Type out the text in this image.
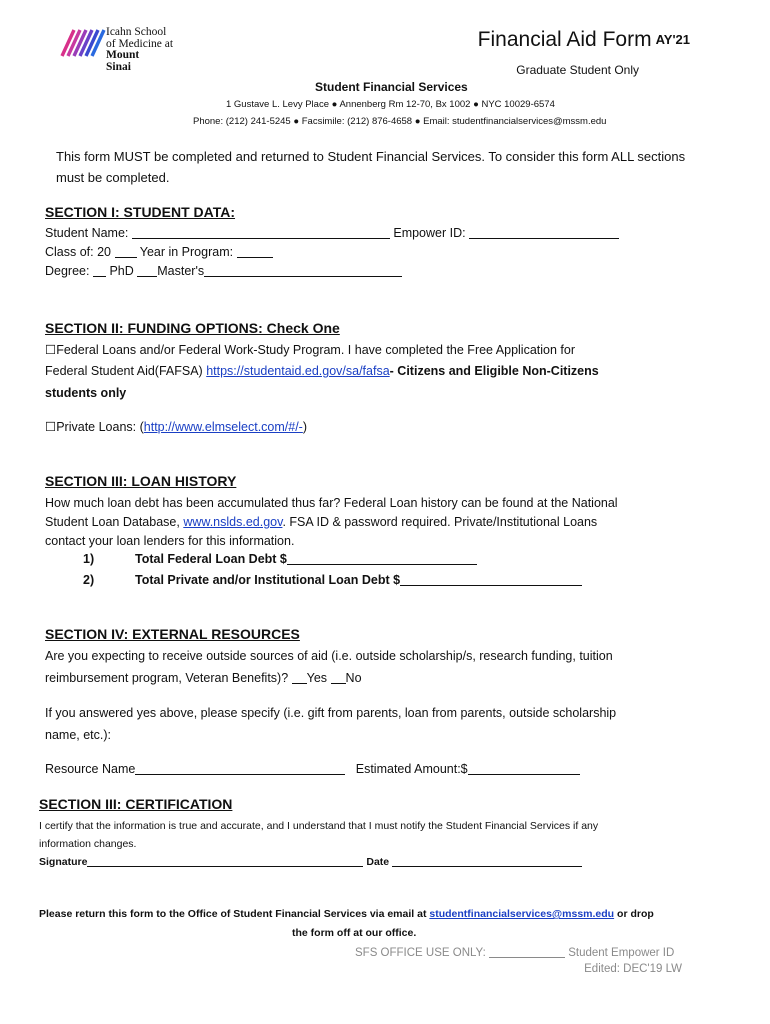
Icahn School
of Medicine at
Mount
Sinai
Financial Aid Form AY'21
Graduate Student Only
Student Financial Services
1 Gustave L. Levy Place ● Annenberg Rm 12-70, Bx 1002 ● NYC 10029-6574
Phone: (212) 241-5245 ● Facsimile: (212) 876-4658 ● Email: studentfinancialservices@mssm.edu
This form MUST be completed and returned to Student Financial Services. To consider this form ALL sections must be completed.
SECTION I: STUDENT DATA:
Student Name:	Empower ID:
Class of: 20 Year in Program:
Degree: PhD Master's
SECTION II: FUNDING OPTIONS: Check One
☐Federal Loans and/or Federal Work-Study Program. I have completed the Free Application for
Federal Student Aid(FAFSA) https://studentaid.ed.gov/sa/fafsa- Citizens and Eligible Non-Citizens
students only
☐Private Loans: (http://www.elmselect.com/#/-)
SECTION III: LOAN HISTORY
How much loan debt has been accumulated thus far? Federal Loan history can be found at the National
Student Loan Database, www.nslds.ed.gov. FSA ID & password required. Private/Institutional Loans
contact your loan lenders for this information.
1)	Total Federal Loan Debt $
2)	Total Private and/or Institutional Loan Debt $
SECTION IV: EXTERNAL RESOURCES
Are you expecting to receive outside sources of aid (i.e. outside scholarship/s, research funding, tuition
reimbursement program, Veteran Benefits)? Yes No
If you answered yes above, please specify (i.e. gift from parents, loan from parents, outside scholarship
name, etc.):
Resource Name	Estimated Amount:$
SECTION III: CERTIFICATION
I certify that the information is true and accurate, and I understand that I must notify the Student Financial Services if any
information changes.
Signature	Date
Please return this form to the Office of Student Financial Services via email at studentfinancialservices@mssm.edu or drop
the form off at our office.
SFS OFFICE USE ONLY:	Student Empower ID
Edited: DEC'19 LW
